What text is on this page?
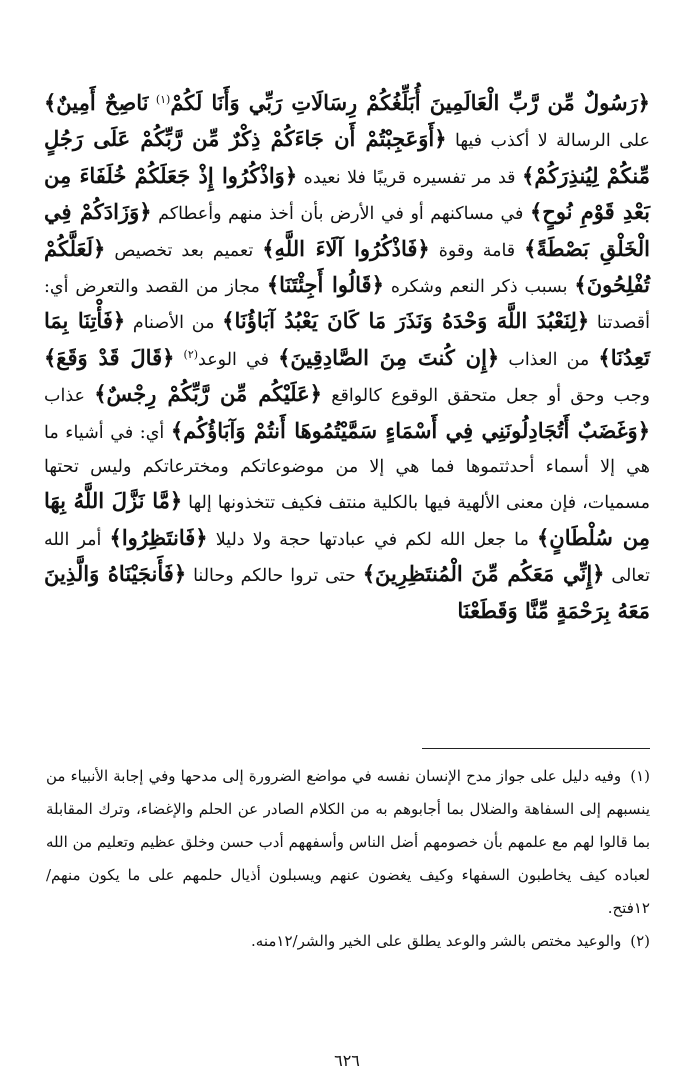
﴿رَسُولٌ مِّن رَّبِّ الْعَالَمِينَ أُبَلِّغُكُمْ رِسَالَاتِ رَبِّي وَأَنَا لَكُمْ$^{(١)}$ نَاصِحٌ أَمِينٌ﴾ على الرسالة لا أكذب فيها ﴿أَوَعَجِبْتُمْ أَن جَاءَكُمْ ذِكْرٌ مِّن رَّبِّكُمْ عَلَى رَجُلٍ مِّنكُمْ لِيُنذِرَكُمْ﴾ قد مر تفسيره قريبًا فلا نعيده ﴿وَاذْكُرُوا إِذْ جَعَلَكُمْ خُلَفَاءَ مِن بَعْدِ قَوْمِ نُوحٍ﴾ في مساكنهم أو في الأرض بأن أخذ منهم وأعطاكم ﴿وَزَادَكُمْ فِي الْخَلْقِ بَصْطَةً﴾ قامة وقوة ﴿فَاذْكُرُوا آلَاءَ اللَّهِ﴾ تعميم بعد تخصيص ﴿لَعَلَّكُمْ تُفْلِحُونَ﴾ بسبب ذكر النعم وشكره ﴿قَالُوا أَجِئْتَنَا﴾ مجاز من القصد والتعرض أي: أقصدتنا ﴿لِنَعْبُدَ اللَّهَ وَحْدَهُ وَنَذَرَ مَا كَانَ يَعْبُدُ آبَاؤُنَا﴾ من الأصنام ﴿فَأْتِنَا بِمَا تَعِدُنَا﴾ من العذاب ﴿إِن كُنتَ مِنَ الصَّادِقِينَ﴾ في الوعد$^{(٢)}$ ﴿قَالَ قَدْ وَقَعَ﴾ وجب وحق أو جعل متحقق الوقوع كالواقع ﴿عَلَيْكُم مِّن رَّبِّكُمْ رِجْسٌ﴾ عذاب ﴿وَغَضَبٌ أَتُجَادِلُونَنِي فِي أَسْمَاءٍ سَمَّيْتُمُوهَا أَنتُمْ وَآبَاؤُكُم﴾ أي: في أشياء ما هي إلا أسماء أحدثتموها فما هي إلا من موضوعاتكم ومخترعاتكم وليس تحتها مسميات، فإن معنى الألهية فيها بالكلية منتف فكيف تتخذونها إلها ﴿مَّا نَزَّلَ اللَّهُ بِهَا مِن سُلْطَانٍ﴾ ما جعل الله لكم في عبادتها حجة ولا دليلا ﴿فَانتَظِرُوا﴾ أمر الله تعالى ﴿إِنِّي مَعَكُم مِّنَ الْمُنتَظِرِينَ﴾ حتى تروا حالكم وحالنا ﴿فَأَنجَيْنَاهُ وَالَّذِينَ مَعَهُ بِرَحْمَةٍ مِّنَّا وَقَطَعْنَا

(١) وفيه دليل على جواز مدح الإنسان نفسه في مواضع الضرورة إلى مدحها وفي إجابة الأنبياء من ينسبهم إلى السفاهة والضلال بما أجابوهم به من الكلام الصادر عن الحلم والإغضاء، وترك المقابلة بما قالوا لهم مع علمهم بأن خصومهم أضل الناس وأسفههم أدب حسن وخلق عظيم وتعليم من الله لعباده كيف يخاطبون السفهاء وكيف يغضون عنهم ويسبلون أذيال حلمهم على ما يكون منهم/١٢فتح.

(٢) والوعيد مختص بالشر والوعد يطلق على الخير والشر/١٢منه.

٦٢٦
